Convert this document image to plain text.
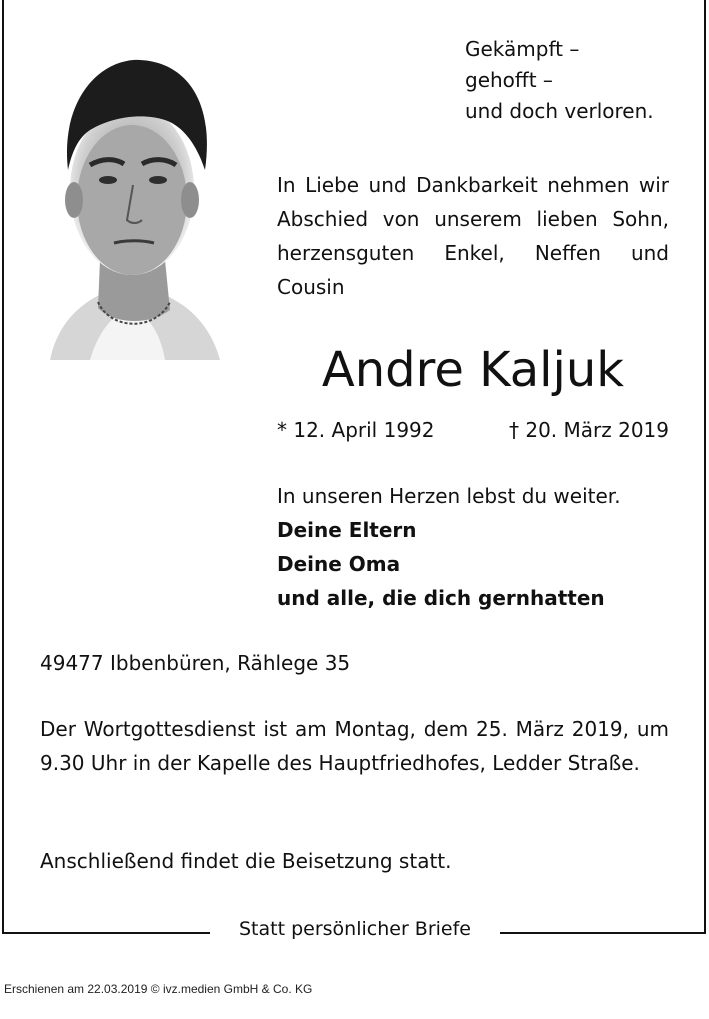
Gekämpft –
gehofft –
und doch verloren.
In Liebe und Dankbarkeit nehmen wir Abschied von unserem lieben Sohn, herzensguten Enkel, Neffen und Cousin
Andre Kaljuk
* 12. April 1992	† 20. März 2019
In unseren Herzen lebst du weiter.
Deine Eltern
Deine Oma
und alle, die dich gernhatten
49477 Ibbenbüren, Rählege 35
Der Wortgottesdienst ist am Montag, dem 25. März 2019, um 9.30 Uhr in der Kapelle des Hauptfriedhofes, Ledder Straße.
Anschließend findet die Beisetzung statt.
Statt persönlicher Briefe
Erschienen am 22.03.2019 © ivz.medien GmbH & Co. KG
